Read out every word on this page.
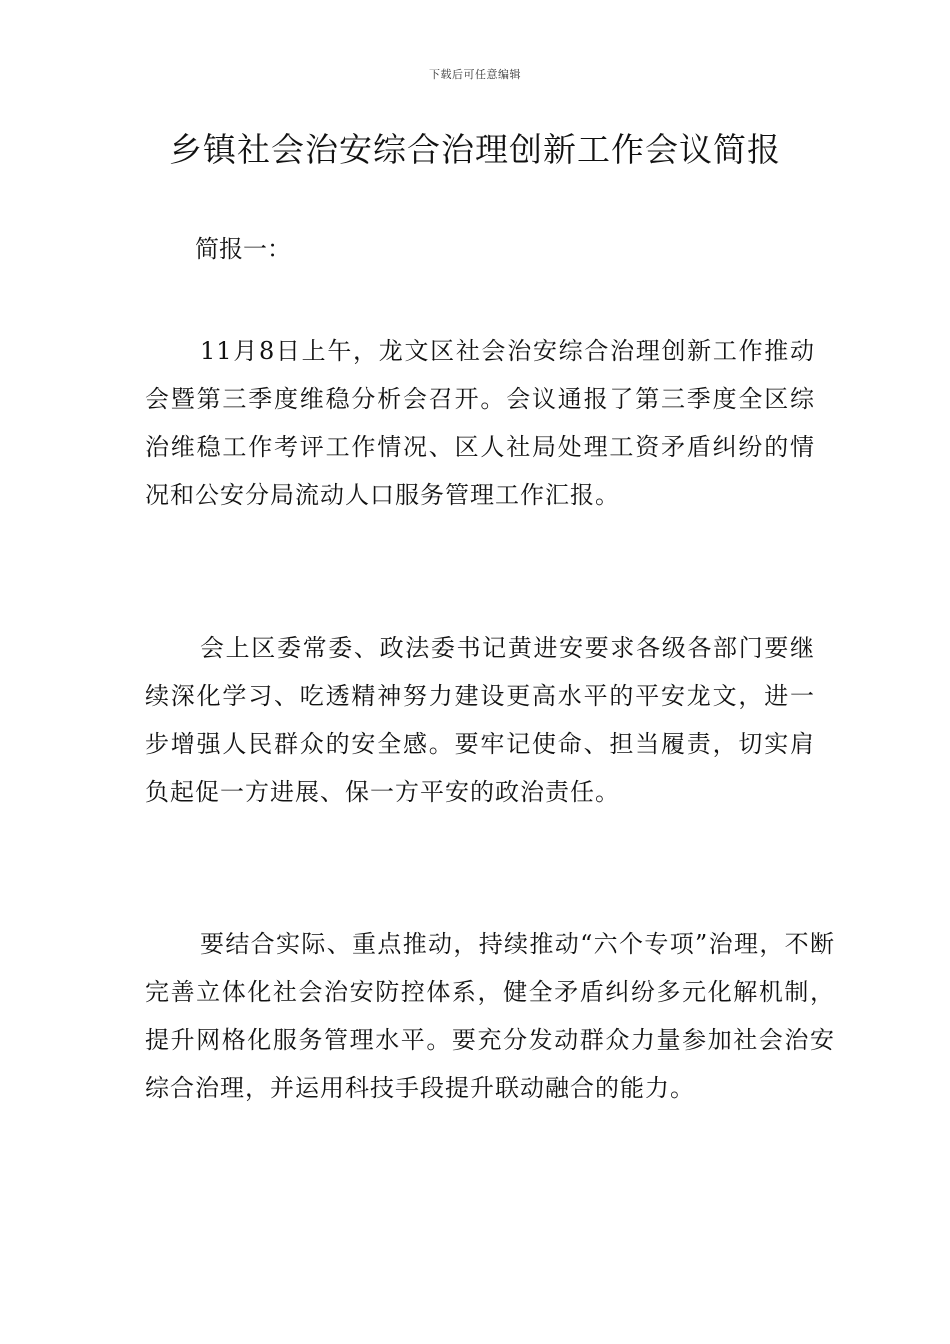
下载后可任意编辑
乡镇社会治安综合治理创新工作会议简报
简报一：

11月8日上午，龙文区社会治安综合治理创新工作推动会暨第三季度维稳分析会召开。会议通报了第三季度全区综治维稳工作考评工作情况、区人社局处理工资矛盾纠纷的情况和公安分局流动人口服务管理工作汇报。

会上区委常委、政法委书记黄进安要求各级各部门要继续深化学习、吃透精神努力建设更高水平的平安龙文，进一步增强人民群众的安全感。要牢记使命、担当履责，切实肩负起促一方进展、保一方平安的政治责任。

要结合实际、重点推动，持续推动“六个专项”治理，不断完善立体化社会治安防控体系，健全矛盾纠纷多元化解机制，提升网格化服务管理水平。要充分发动群众力量参加社会治安综合治理，并运用科技手段提升联动融合的能力。
